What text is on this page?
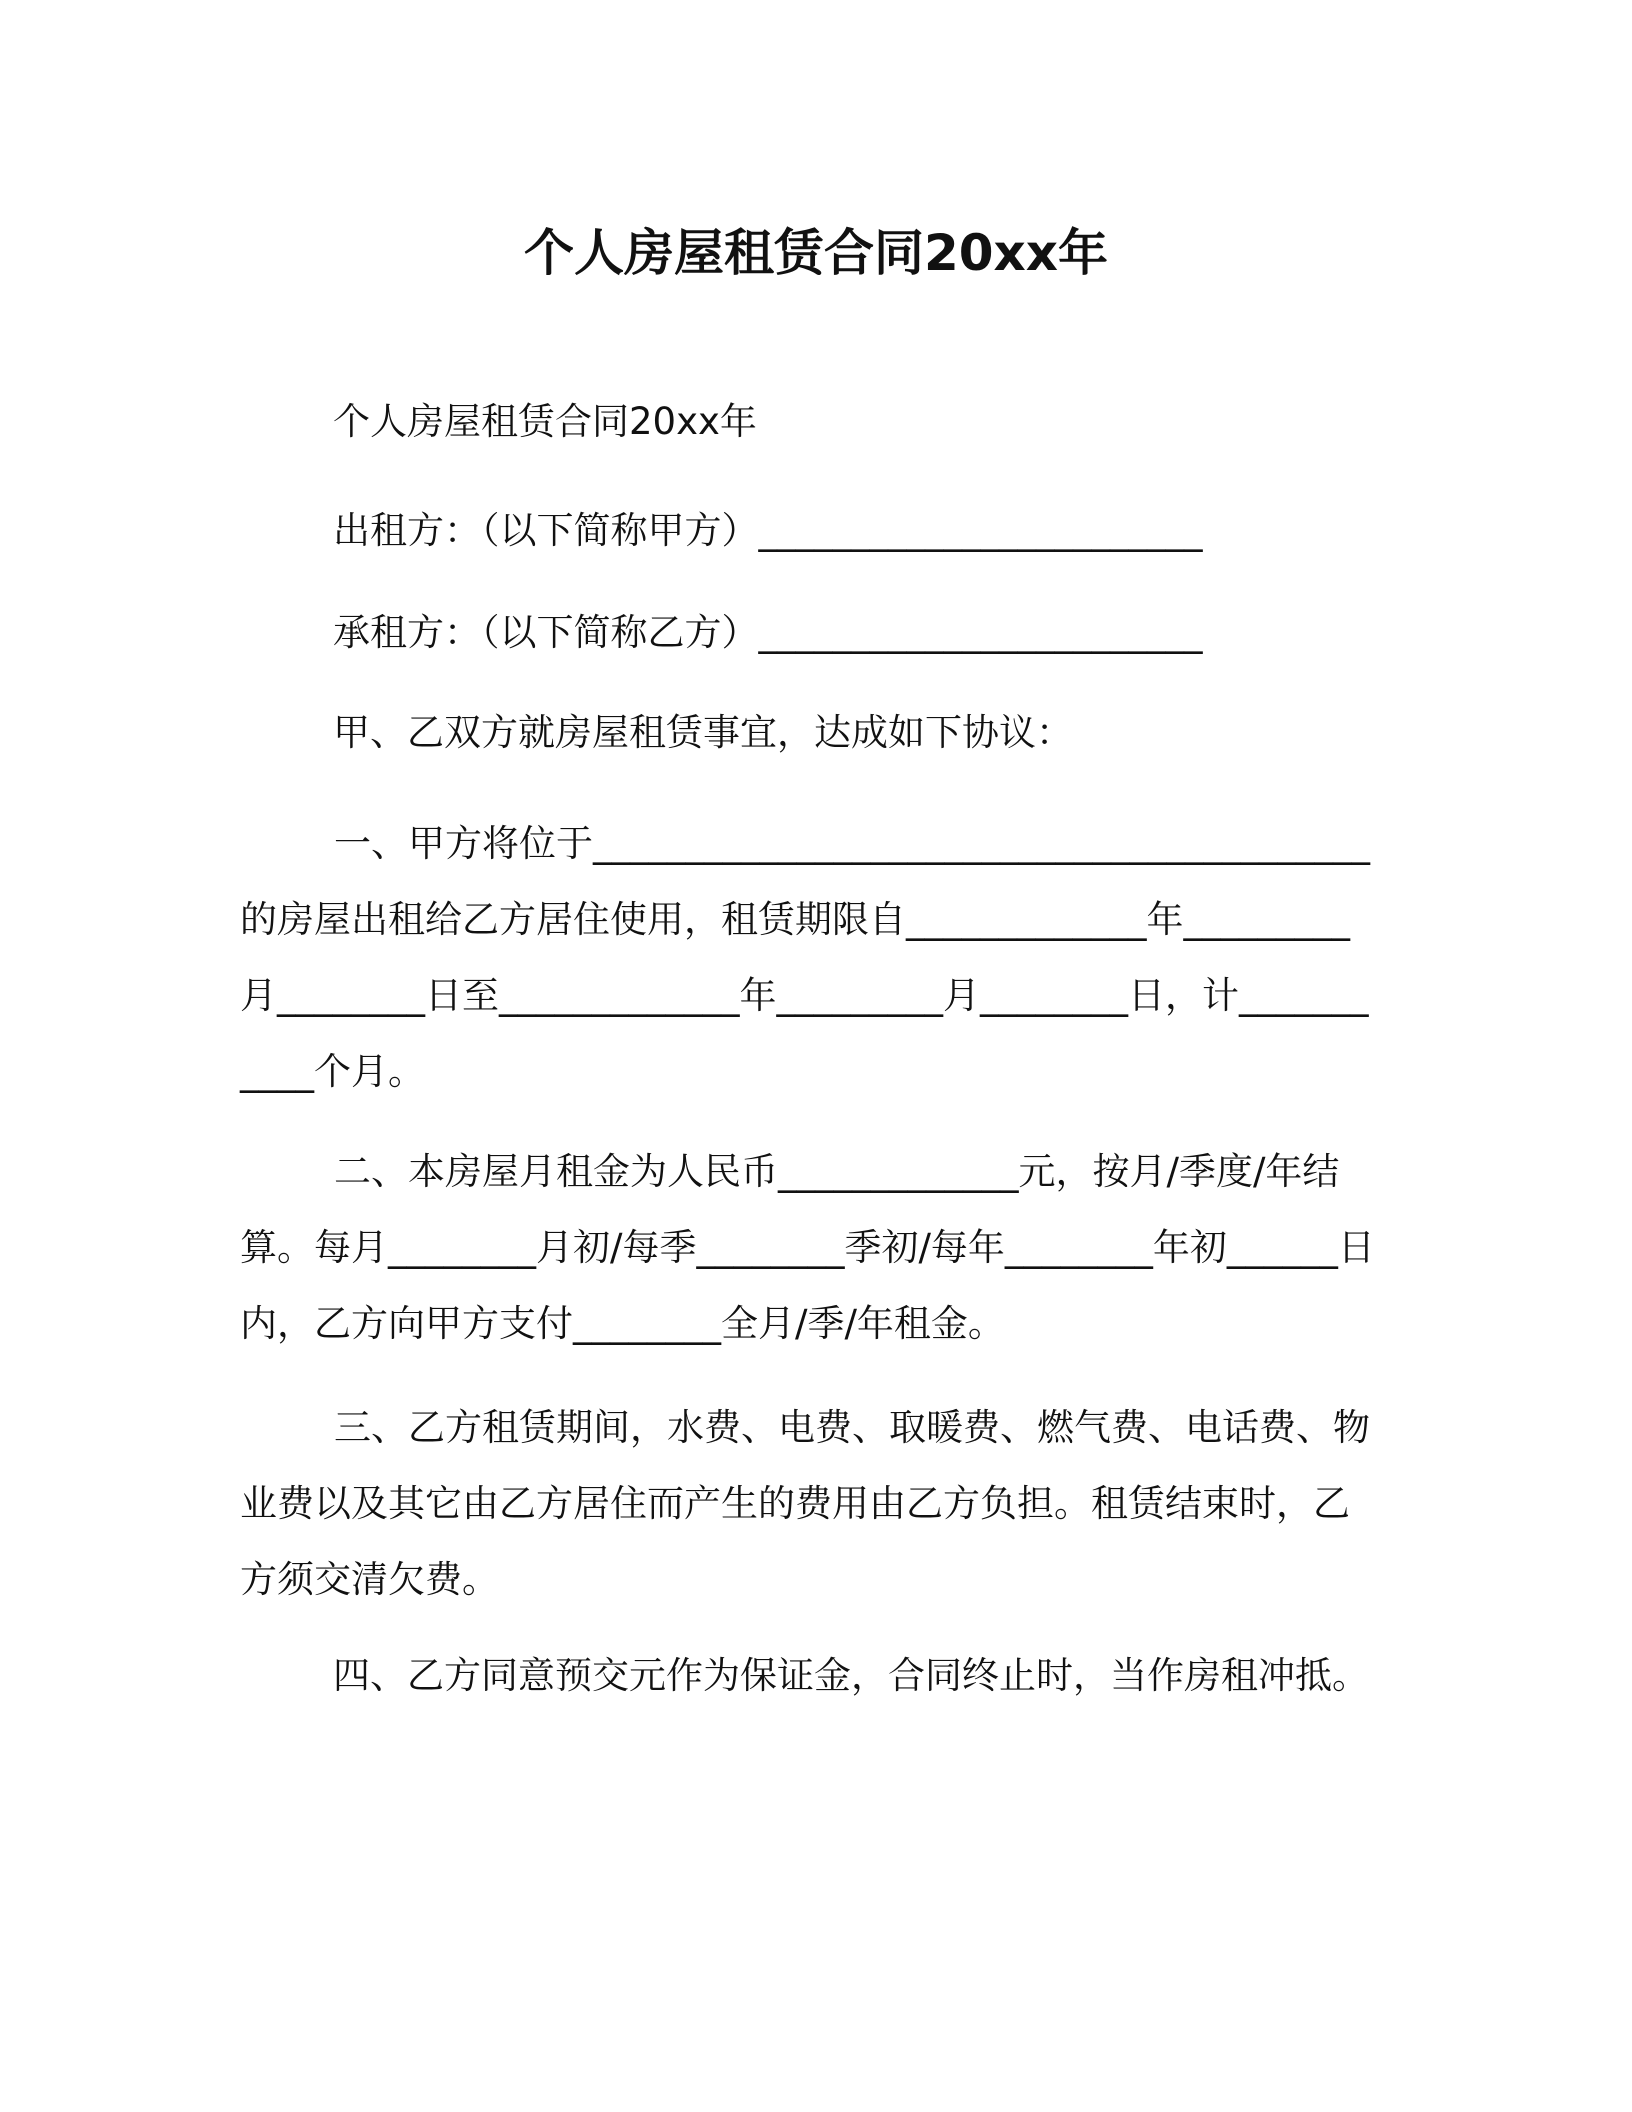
个人房屋租赁合同20xx年
个人房屋租赁合同20xx年
出租方：（以下简称甲方）________________________
承租方：（以下简称乙方）________________________
甲、乙双方就房屋租赁事宜，达成如下协议：
一、甲方将位于__________________________________________的房屋出租给乙方居住使用，租赁期限自_____________年_________月________日至_____________年_________月________日，计___________个月。
二、本房屋月租金为人民币_____________元，按月/季度/年结算。每月________月初/每季________季初/每年________年初______日内，乙方向甲方支付________全月/季/年租金。
三、乙方租赁期间，水费、电费、取暖费、燃气费、电话费、物业费以及其它由乙方居住而产生的费用由乙方负担。租赁结束时，乙方须交清欠费。
四、乙方同意预交元作为保证金，合同终止时，当作房租冲抵。
